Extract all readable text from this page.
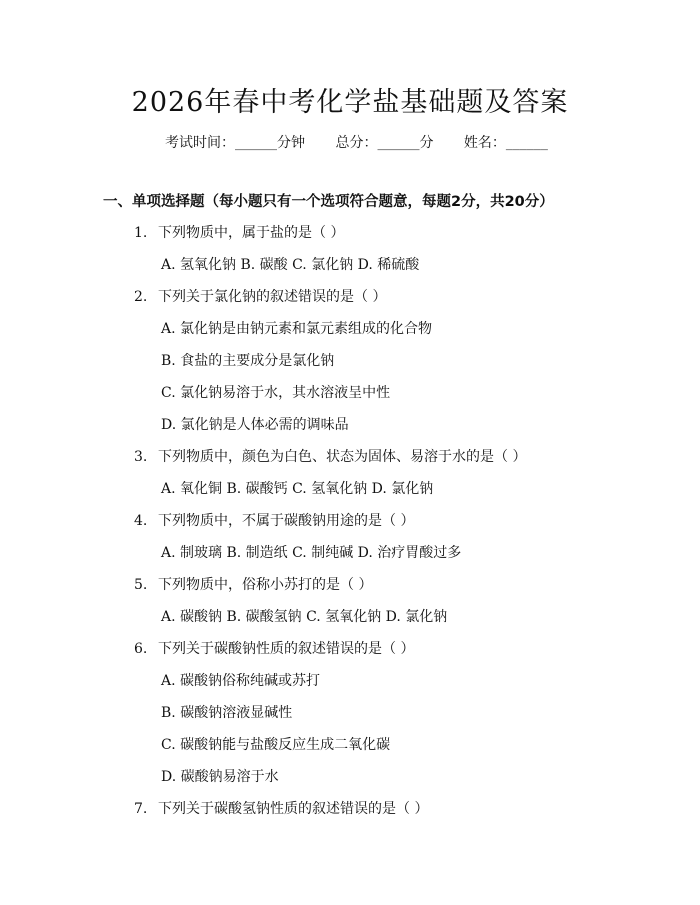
2026年春中考化学盐基础题及答案
考试时间：______分钟 总分：______分 姓名：______
一、单项选择题（每小题只有一个选项符合题意，每题2分，共20分）
1. 下列物质中，属于盐的是（ ）
A. 氢氧化钠 B. 碳酸 C. 氯化钠 D. 稀硫酸
2. 下列关于氯化钠的叙述错误的是（ ）
A. 氯化钠是由钠元素和氯元素组成的化合物
B. 食盐的主要成分是氯化钠
C. 氯化钠易溶于水，其水溶液呈中性
D. 氯化钠是人体必需的调味品
3. 下列物质中，颜色为白色、状态为固体、易溶于水的是（ ）
A. 氧化铜 B. 碳酸钙 C. 氢氧化钠 D. 氯化钠
4. 下列物质中，不属于碳酸钠用途的是（ ）
A. 制玻璃 B. 制造纸 C. 制纯碱 D. 治疗胃酸过多
5. 下列物质中，俗称小苏打的是（ ）
A. 碳酸钠 B. 碳酸氢钠 C. 氢氧化钠 D. 氯化钠
6. 下列关于碳酸钠性质的叙述错误的是（ ）
A. 碳酸钠俗称纯碱或苏打
B. 碳酸钠溶液显碱性
C. 碳酸钠能与盐酸反应生成二氧化碳
D. 碳酸钠易溶于水
7. 下列关于碳酸氢钠性质的叙述错误的是（ ）
